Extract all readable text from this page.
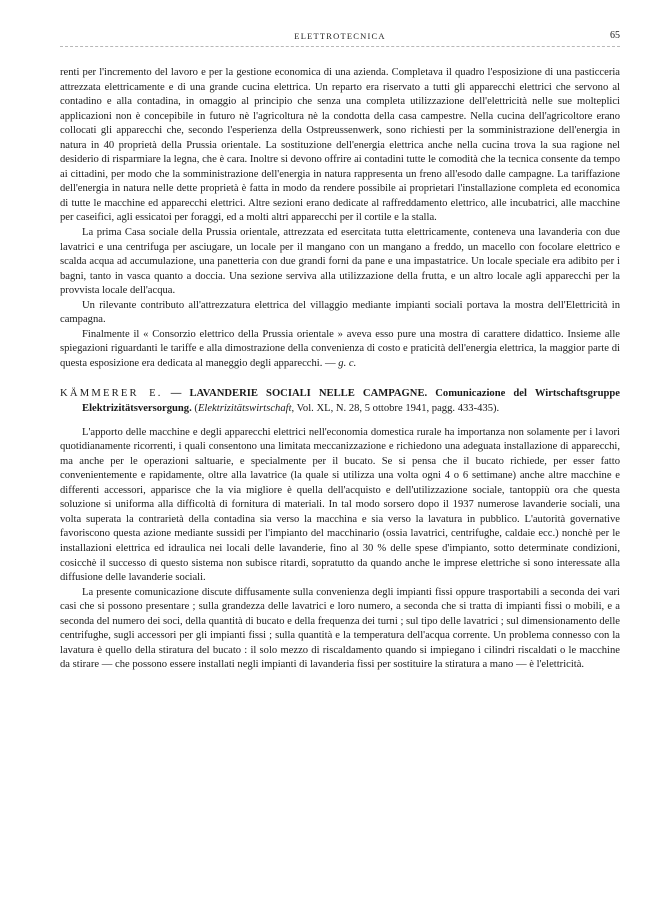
ELETTROTECNICA	65

renti per l'incremento del lavoro e per la gestione economica di una azienda. Completava il quadro l'esposizione di una pasticceria attrezzata elettricamente e di una grande cucina elettrica. Un reparto era riservato a tutti gli apparecchi elettrici che servono al contadino e alla contadina, in omaggio al principio che senza una completa utilizzazione dell'elettricità nelle sue molteplici applicazioni non è concepibile in futuro nè l'agricoltura nè la condotta della casa campestre. Nella cucina dell'agricoltore erano collocati gli apparecchi che, secondo l'esperienza della Ostpreussenwerk, sono richiesti per la somministrazione dell'energia in natura in 40 proprietà della Prussia orientale. La sostituzione dell'energia elettrica anche nella cucina trova la sua ragione nel desiderio di risparmiare la legna, che è cara. Inoltre si devono offrire ai contadini tutte le comodità che la tecnica consente da tempo ai cittadini, per modo che la somministrazione dell'energia in natura rappresenta un freno all'esodo dalle campagne. La tariffazione dell'energia in natura nelle dette proprietà è fatta in modo da rendere possibile ai proprietari l'installazione completa ed economica di tutte le macchine ed apparecchi elettrici. Altre sezioni erano dedicate al raffreddamento elettrico, alle incubatrici, alle macchine per caseifici, agli essicatoi per foraggi, ed a molti altri apparecchi per il cortile e la stalla.

La prima Casa sociale della Prussia orientale, attrezzata ed esercitata tutta elettricamente, conteneva una lavanderia con due lavatrici e una centrifuga per asciugare, un locale per il mangano con un mangano a freddo, un macello con focolare elettrico e scalda acqua ad accumulazione, una panetteria con due grandi forni da pane e una impastatrice. Un locale speciale era adibito per i bagni, tanto in vasca quanto a doccia. Una sezione serviva alla utilizzazione della frutta, e un altro locale agli apparecchi per la provvista locale dell'acqua.

Un rilevante contributo all'attrezzatura elettrica del villaggio mediante impianti sociali portava la mostra dell'Elettricità in campagna.

Finalmente il « Consorzio elettrico della Prussia orientale » aveva esso pure una mostra di carattere didattico. Insieme alle spiegazioni riguardanti le tariffe e alla dimostrazione della convenienza di costo e praticità dell'energia elettrica, la maggior parte di questa esposizione era dedicata al maneggio degli apparecchi. — g. c.

KÄMMERER E. — LAVANDERIE SOCIALI NELLE CAMPAGNE. Comunicazione del Wirtschaftsgruppe Elektrizitätsversorgung. (Elektrizitätswirtschaft, Vol. XL, N. 28, 5 ottobre 1941, pagg. 433-435).

L'apporto delle macchine e degli apparecchi elettrici nell'economia domestica rurale ha importanza non solamente per i lavori quotidianamente ricorrenti, i quali consentono una limitata meccanizzazione e richiedono una adeguata installazione di apparecchi, ma anche per le operazioni saltuarie, e specialmente per il bucato. Se si pensa che il bucato richiede, per esser fatto convenientemente e rapidamente, oltre alla lavatrice (la quale si utilizza una volta ogni 4 o 6 settimane) anche altre macchine e differenti accessori, apparisce che la via migliore è quella dell'acquisto e dell'utilizzazione sociale, tantoppiù ora che questa soluzione si uniforma alla difficoltà di fornitura di materiali. In tal modo sorsero dopo il 1937 numerose lavanderie sociali, una volta superata la contrarietà della contadina sia verso la macchina e sia verso la lavatura in pubblico. L'autorità governative favoriscono questa azione mediante sussidi per l'impianto del macchinario (ossia lavatrici, centrifughe, caldaie ecc.) nonchè per le installazioni elettrica ed idraulica nei locali delle lavanderie, fino al 30 % delle spese d'impianto, sotto determinate condizioni, cosicchè il successo di questo sistema non subisce ritardi, sopratutto da quando anche le imprese elettriche si sono interessate alla diffusione delle lavanderie sociali.

La presente comunicazione discute diffusamente sulla convenienza degli impianti fissi oppure trasportabili a seconda dei vari casi che si possono presentare ; sulla grandezza delle lavatrici e loro numero, a seconda che si tratta di impianti fissi o mobili, e a seconda del numero dei soci, della quantità di bucato e della frequenza dei turni ; sul tipo delle lavatrici ; sul dimensionamento delle centrifughe, sugli accessori per gli impianti fissi ; sulla quantità e la temperatura dell'acqua corrente. Un problema connesso con la lavatura è quello della stiratura del bucato : il solo mezzo di riscaldamento quando si impiegano i cilindri riscaldati o le macchine da stirare — che possono essere installati negli impianti di lavanderia fissi per sostituire la stiratura a mano — è l'elettricità.
